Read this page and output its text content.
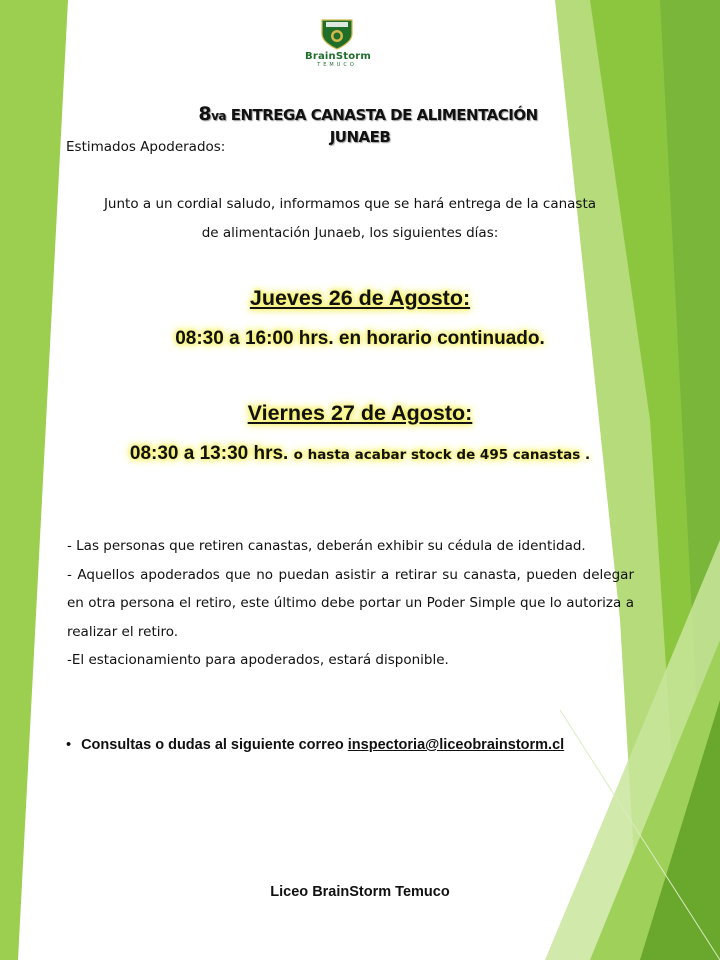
BrainStorm
TEMUCO
8va ENTREGA CANASTA DE ALIMENTACIÓN
JUNAEB
Estimados Apoderados:
Junto a un cordial saludo, informamos que se hará entrega de la canasta
de alimentación Junaeb, los siguientes días:
Jueves 26 de Agosto:
08:30 a 16:00 hrs. en horario continuado.
Viernes 27 de Agosto:
08:30 a 13:30 hrs. o hasta acabar stock de 495 canastas .

- Las personas que retiren canastas, deberán exhibir su cédula de identidad.

- Aquellos apoderados que no puedan asistir a retirar su canasta, pueden delegar en otra persona el retiro, este último debe portar un Poder Simple que lo autoriza a realizar el retiro.

-El estacionamiento para apoderados, estará disponible.

• Consultas o dudas al siguiente correo inspectoria@liceobrainstorm.cl
Liceo BrainStorm Temuco
